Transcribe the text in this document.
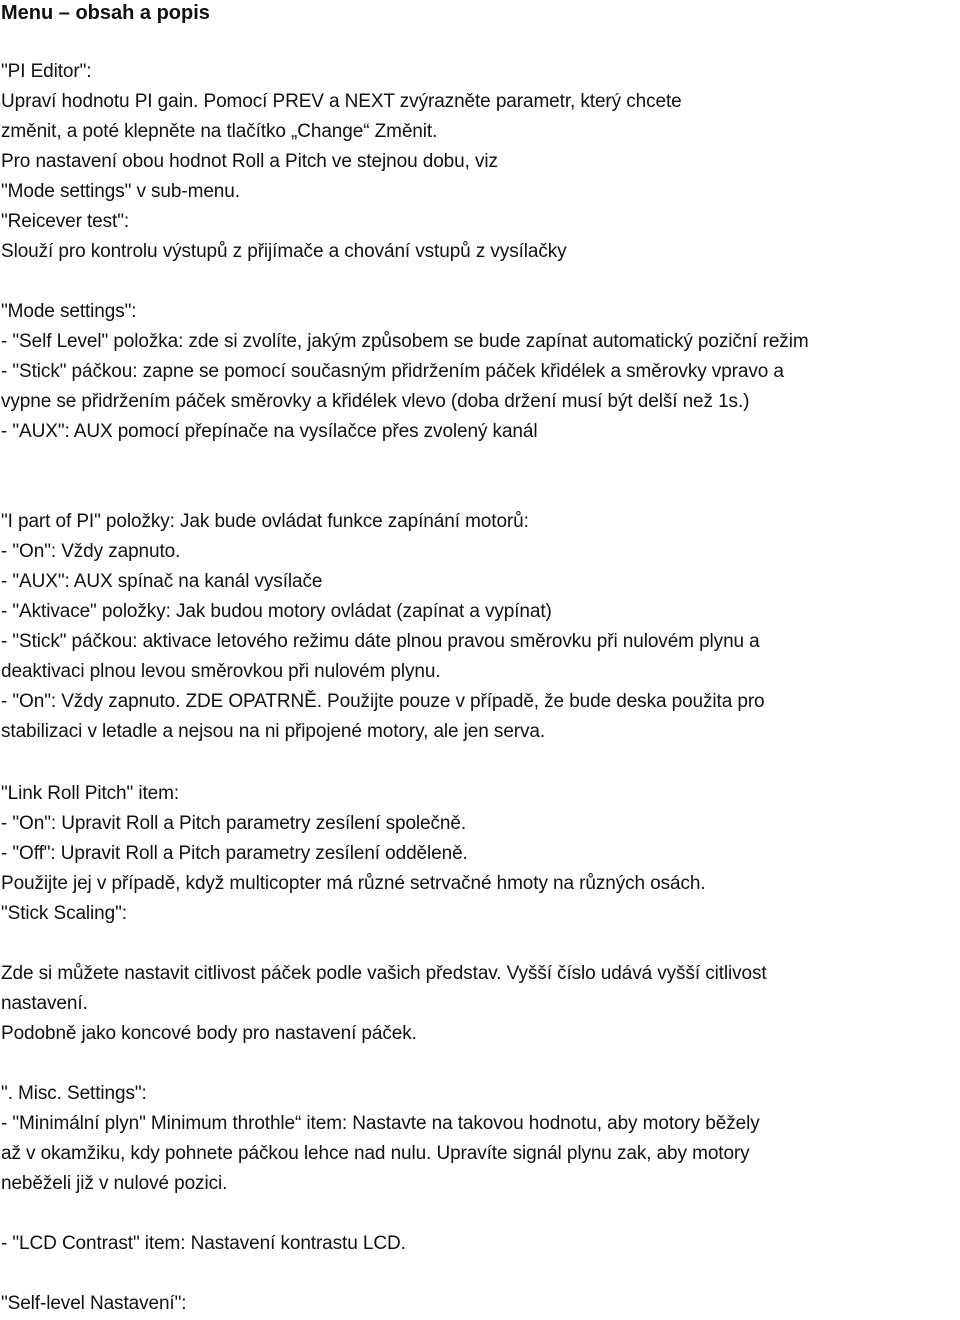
Menu – obsah a popis
"PI Editor":
Upraví hodnotu PI gain. Pomocí PREV a NEXT zvýrazněte parametr, který chcete
změnit, a poté klepněte na tlačítko „Change“ Změnit.
Pro nastavení obou hodnot Roll a Pitch ve stejnou dobu, viz
"Mode settings" v sub-menu.
"Reicever test":
Slouží pro kontrolu výstupů z přijímače a chování vstupů z vysílačky
"Mode settings":
- "Self Level" položka: zde si zvolíte, jakým způsobem se bude zapínat automatický poziční režim
- "Stick" páčkou: zapne se pomocí současným přidržením páček křidélek a směrovky vpravo a
vypne se přidržením páček směrovky a křidélek vlevo (doba držení musí být delší než 1s.)
- "AUX": AUX pomocí přepínače na vysílačce přes zvolený kanál
"I part of PI" položky: Jak bude ovládat funkce zapínání motorů:
- "On": Vždy zapnuto.
- "AUX": AUX spínač na kanál vysílače
- "Aktivace" položky: Jak budou motory ovládat (zapínat a vypínat)
- "Stick" páčkou: aktivace letového režimu dáte plnou pravou směrovku při nulovém plynu a
deaktivaci plnou levou směrovkou při nulovém plynu.
- "On": Vždy zapnuto. ZDE OPATRNĚ. Použijte pouze v případě, že bude deska použita pro
stabilizaci v letadle a nejsou na ni připojené motory, ale jen serva.
"Link Roll Pitch" item:
- "On": Upravit Roll a Pitch parametry zesílení společně.
- "Off": Upravit Roll a Pitch parametry zesílení odděleně.
Použijte jej v případě, když multicopter má různé setrvačné hmoty na různých osách.
"Stick Scaling":
Zde si můžete nastavit citlivost páček podle vašich představ. Vyšší číslo udává vyšší citlivost
nastavení.
Podobně jako koncové body pro nastavení páček.
". Misc. Settings":
- "Minimální plyn" Minimum throthle“ item: Nastavte na takovou hodnotu, aby motory běžely
až v okamžiku, kdy pohnete páčkou lehce nad nulu. Upravíte signál plynu zak, aby motory
neběželi již v nulové pozici.
- "LCD Contrast" item: Nastavení kontrastu LCD.
"Self-level Nastavení":
